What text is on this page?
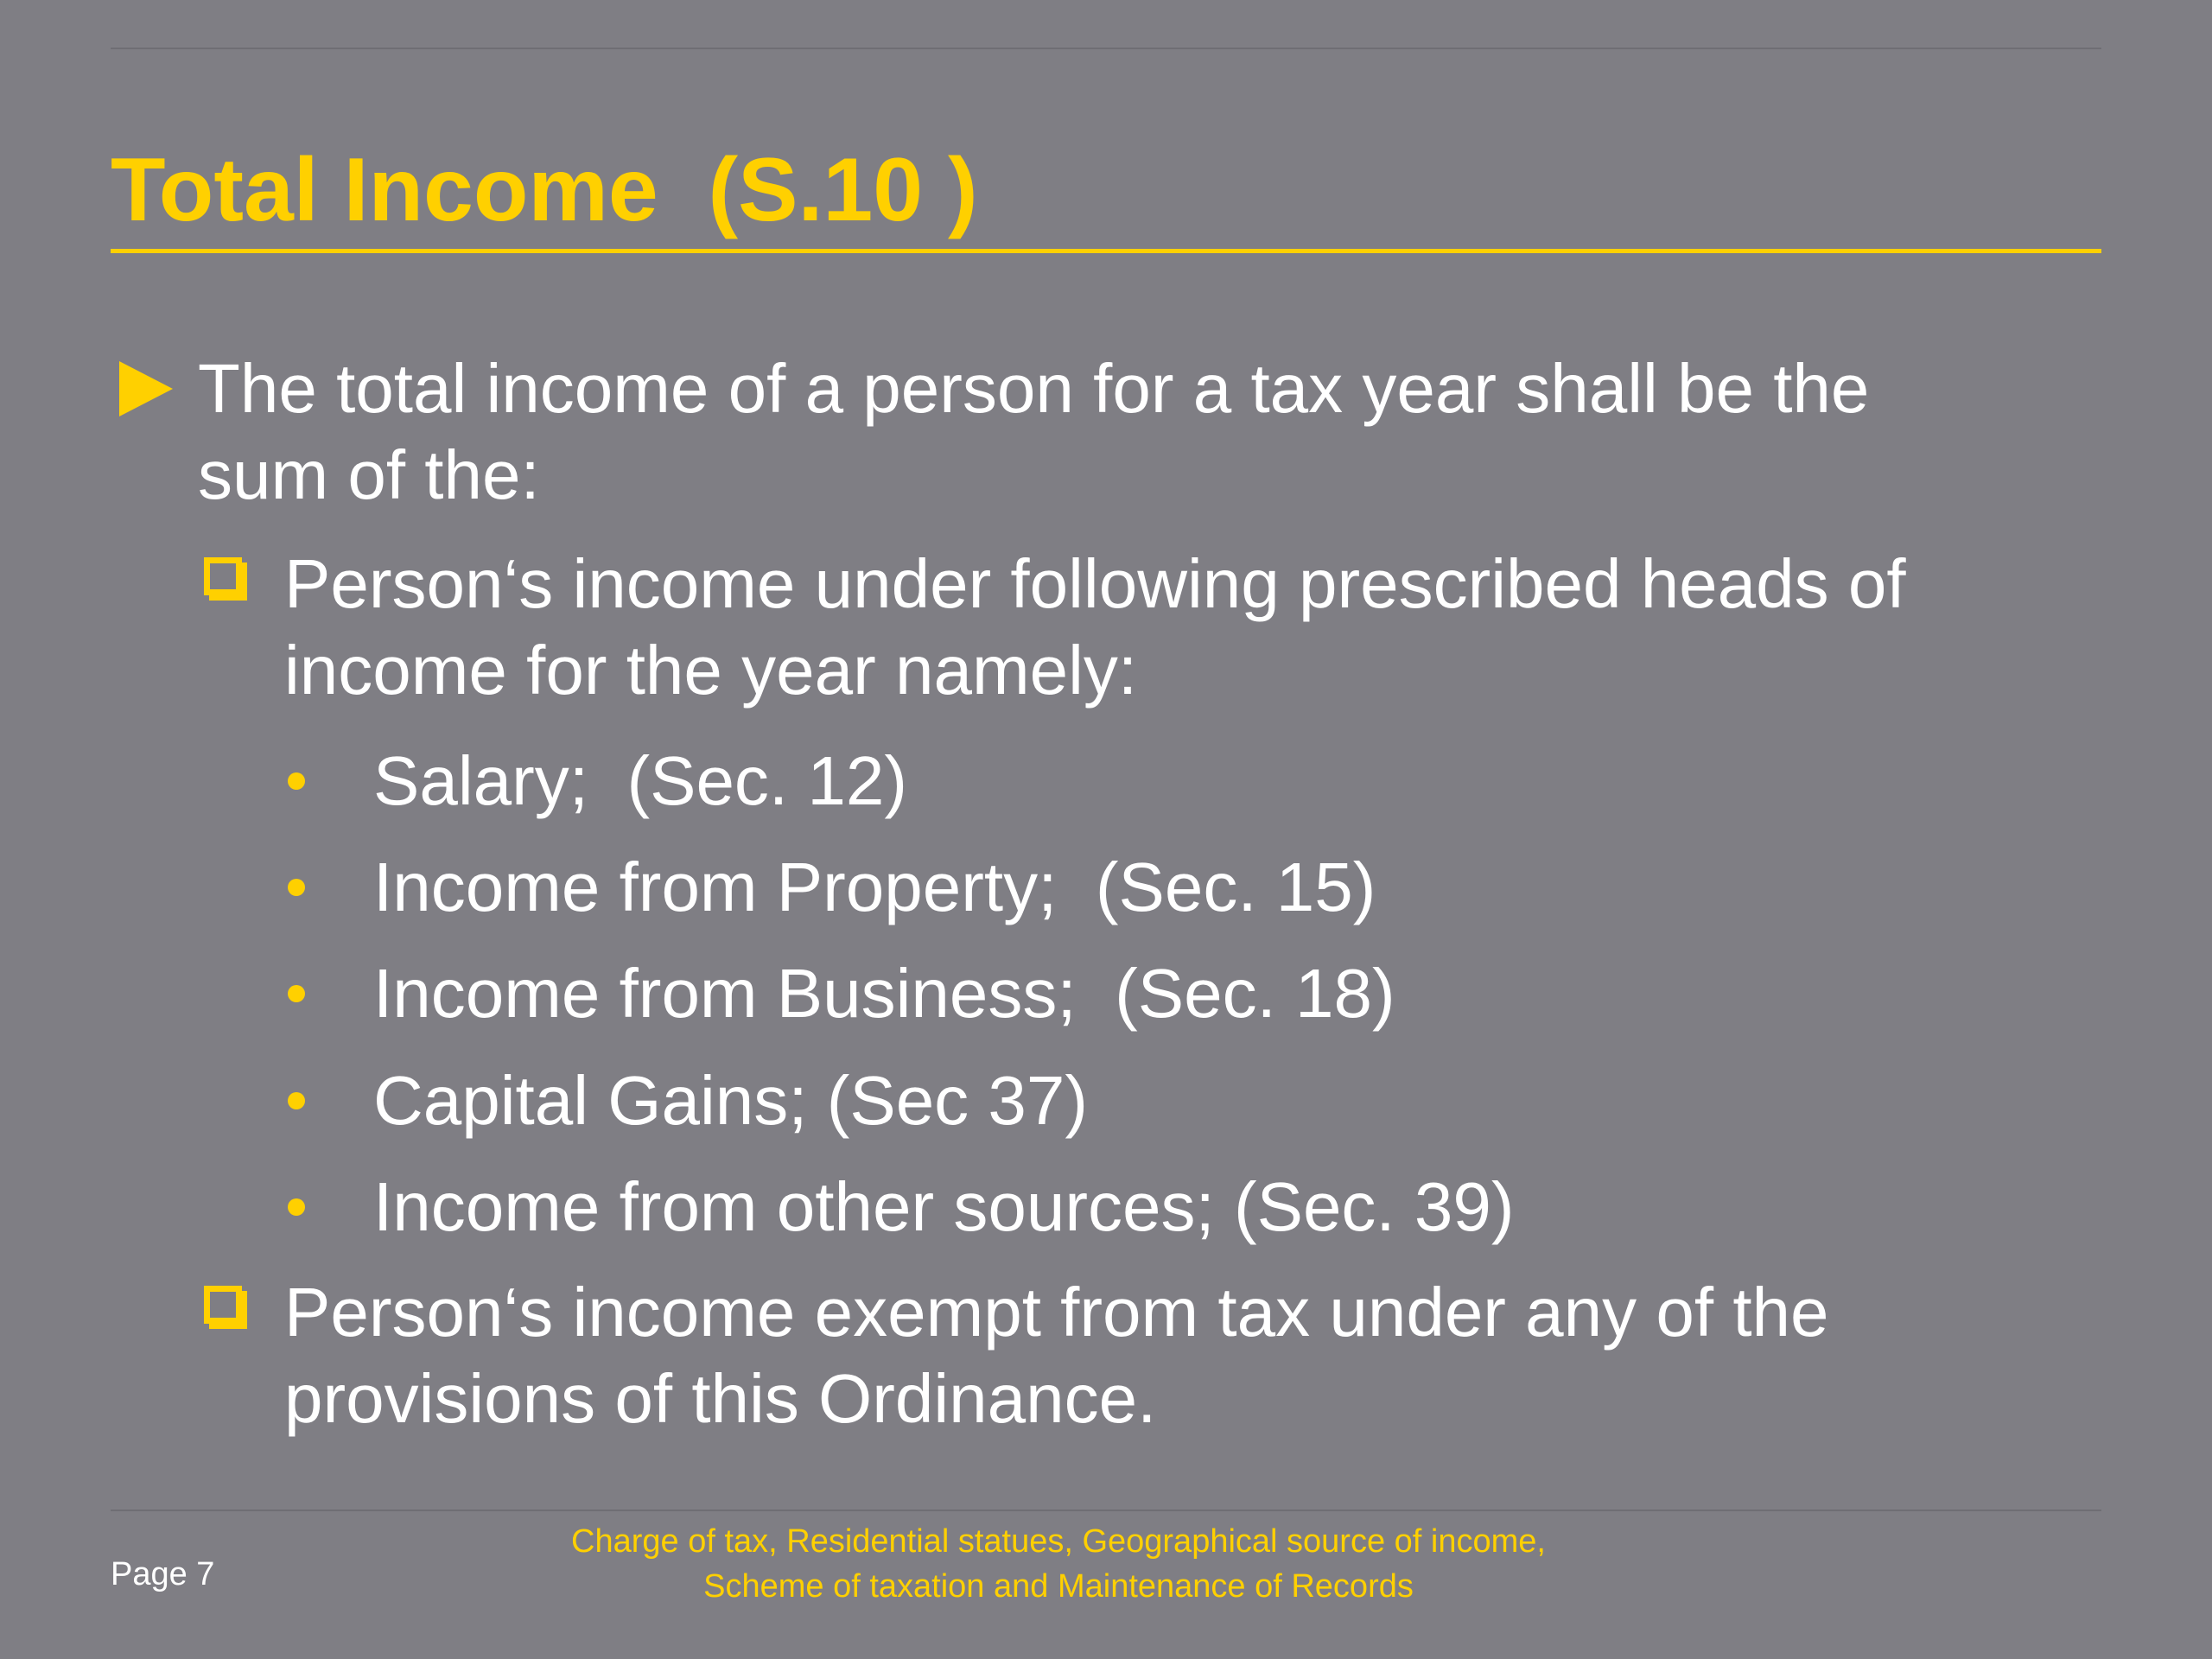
Total Income  (S.10 )
The total income of a person for a tax year shall be the
sum of the:
Person‘s income under following prescribed heads of
income for the year namely:
Salary;  (Sec. 12)
Income from Property;  (Sec. 15)
Income from Business;  (Sec. 18)
Capital Gains; (Sec 37)
Income from other sources; (Sec. 39)
Person‘s income exempt from tax under any of the
provisions of this Ordinance.
Page 7
Charge of tax, Residential statues, Geographical source of income,
Scheme of taxation and Maintenance of Records
